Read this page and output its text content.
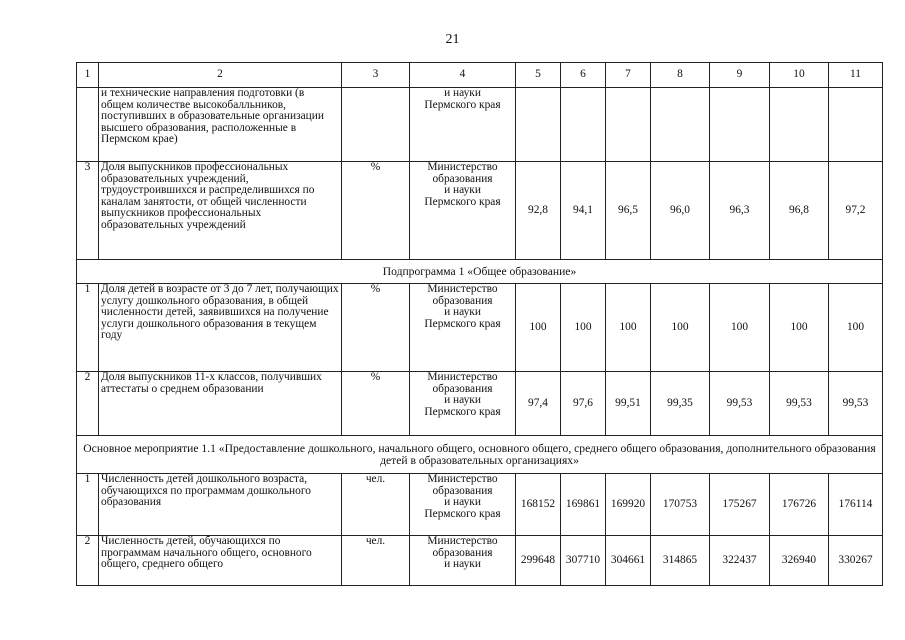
21
1	2	3	4	5	6	7	8	9	10	11
	и технические направления подготовки (в общем количестве высокобалльников, поступивших в образовательные организации высшего образования, расположенные в Пермском крае)		и науки
Пермского края							
3	Доля выпускников профессиональных образовательных учреждений, трудоустроившихся и распределившихся по каналам занятости, от общей численности выпускников профессиональных образовательных учреждений	%	Министерство
образования
и науки
Пермского края	92,8	94,1	96,5	96,0	96,3	96,8	97,2
Подпрограмма 1 «Общее образование»										
1	Доля детей в возрасте от 3 до 7 лет, получающих услугу дошкольного образования, в общей численности детей, заявившихся на получение услуги дошкольного образования в текущем году	%	Министерство
образования
и науки
Пермского края	100	100	100	100	100	100	100
2	Доля выпускников 11-х классов, получивших аттестаты о среднем образовании	%	Министерство
образования
и науки
Пермского края	97,4	97,6	99,51	99,35	99,53	99,53	99,53
Основное мероприятие 1.1 «Предоставление дошкольного, начального общего, основного общего, среднего общего образования, дополнительного образования детей в образовательных организациях»										
1	Численность детей дошкольного возраста, обучающихся по программам дошкольного образования	чел.	Министерство
образования
и науки
Пермского края	168152	169861	169920	170753	175267	176726	176114
2	Численность детей, обучающихся по программам начального общего, основного общего, среднего общего	чел.	Министерство
образования
и науки	299648	307710	304661	314865	322437	326940	330267
